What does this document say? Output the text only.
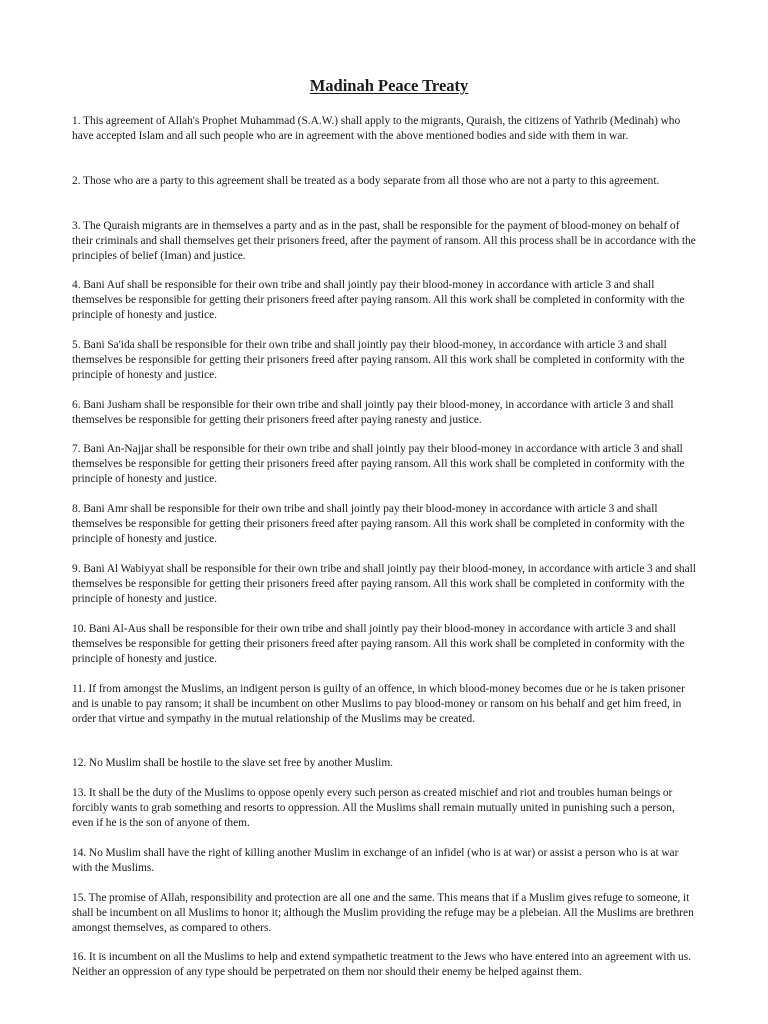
Madinah Peace Treaty

1. This agreement of Allah's Prophet Muhammad (S.A.W.) shall apply to the migrants, Quraish, the citizens of Yathrib (Medinah) who have accepted Islam and all such people who are in agreement with the above mentioned bodies and side with them in war.

2. Those who are a party to this agreement shall be treated as a body separate from all those who are not a party to this agreement.

3. The Quraish migrants are in themselves a party and as in the past, shall be responsible for the payment of blood-money on behalf of their criminals and shall themselves get their prisoners freed, after the payment of ransom. All this process shall be in accordance with the principles of belief (Iman) and justice.

4. Bani Auf shall be responsible for their own tribe and shall jointly pay their blood-money in accordance with article 3 and shall themselves be responsible for getting their prisoners freed after paying ransom. All this work shall be completed in conformity with the principle of honesty and justice.

5. Bani Sa'ida shall be responsible for their own tribe and shall jointly pay their blood-money, in accordance with article 3 and shall themselves be responsible for getting their prisoners freed after paying ransom. All this work shall be completed in conformity with the principle of honesty and justice.

6. Bani Jusham shall be responsible for their own tribe and shall jointly pay their blood-money, in accordance with article 3 and shall themselves be responsible for getting their prisoners freed after paying ranesty and justice.

7. Bani An-Najjar shall be responsible for their own tribe and shall jointly pay their blood-money in accordance with article 3 and shall themselves be responsible for getting their prisoners freed after paying ransom. All this work shall be completed in conformity with the principle of honesty and justice.

8. Bani Amr shall be responsible for their own tribe and shall jointly pay their blood-money in accordance with article 3 and shall themselves be responsible for getting their prisoners freed after paying ransom. All this work shall be completed in conformity with the principle of honesty and justice.

9. Bani Al Wabiyyat shall be responsible for their own tribe and shall jointly pay their blood-money, in accordance with article 3 and shall themselves be responsible for getting their prisoners freed after paying ransom. All this work shall be completed in conformity with the principle of honesty and justice.

10. Bani Al-Aus shall be responsible for their own tribe and shall jointly pay their blood-money in accordance with article 3 and shall themselves be responsible for getting their prisoners freed after paying ransom. All this work shall be completed in conformity with the principle of honesty and justice.

11. If from amongst the Muslims, an indigent person is guilty of an offence, in which blood-money becomes due or he is taken prisoner and is unable to pay ransom; it shall be incumbent on other Muslims to pay blood-money or ransom on his behalf and get him freed, in order that virtue and sympathy in the mutual relationship of the Muslims may be created.

12. No Muslim shall be hostile to the slave set free by another Muslim.

13. It shall be the duty of the Muslims to oppose openly every such person as created mischief and riot and troubles human beings or forcibly wants to grab something and resorts to oppression. All the Muslims shall remain mutually united in punishing such a person, even if he is the son of anyone of them.

14. No Muslim shall have the right of killing another Muslim in exchange of an infidel (who is at war) or assist a person who is at war with the Muslims.

15. The promise of Allah, responsibility and protection are all one and the same. This means that if a Muslim gives refuge to someone, it shall be incumbent on all Muslims to honor it; although the Muslim providing the refuge may be a plebeian. All the Muslims are brethren amongst themselves, as compared to others.

16. It is incumbent on all the Muslims to help and extend sympathetic treatment to the Jews who have entered into an agreement with us. Neither an oppression of any type should be perpetrated on them nor should their enemy be helped against them.
